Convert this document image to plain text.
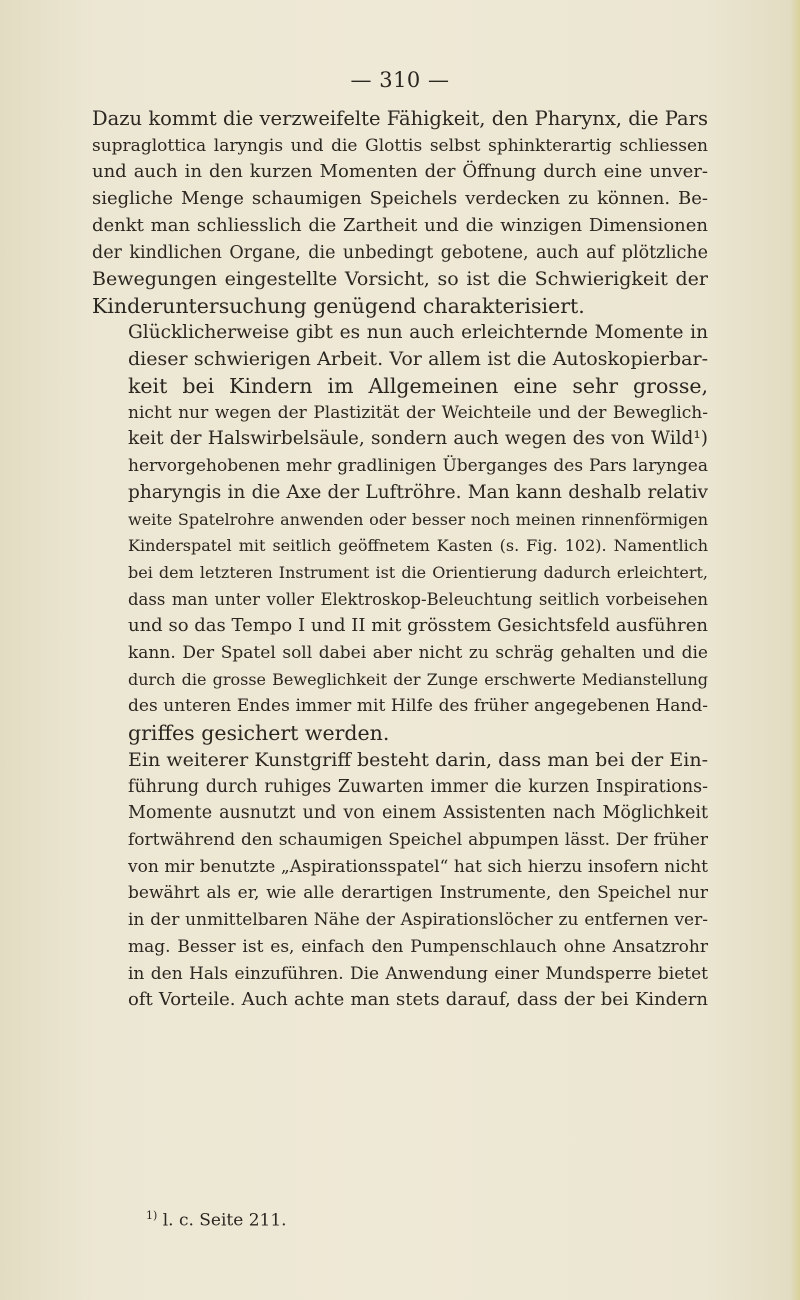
— 310 —

Dazu kommt die verzweifelte Fähigkeit, den Pharynx, die Pars
supraglottica laryngis und die Glottis selbst sphinkterartig schliessen
und auch in den kurzen Momenten der Öffnung durch eine unver-
siegliche Menge schaumigen Speichels verdecken zu können. Be-
denkt man schliesslich die Zartheit und die winzigen Dimensionen
der kindlichen Organe, die unbedingt gebotene, auch auf plötzliche
Bewegungen eingestellte Vorsicht, so ist die Schwierigkeit der
Kinderuntersuchung genügend charakterisiert.

Glücklicherweise gibt es nun auch erleichternde Momente in
dieser schwierigen Arbeit. Vor allem ist die Autoskopierbar-
keit bei Kindern im Allgemeinen eine sehr grosse,
nicht nur wegen der Plastizität der Weichteile und der Beweglich-
keit der Halswirbelsäule, sondern auch wegen des von Wild¹)
hervorgehobenen mehr gradlinigen Überganges des Pars laryngea
pharyngis in die Axe der Luftröhre. Man kann deshalb relativ
weite Spatelrohre anwenden oder besser noch meinen rinnenförmigen
Kinderspatel mit seitlich geöffnetem Kasten (s. Fig. 102). Namentlich
bei dem letzteren Instrument ist die Orientierung dadurch erleichtert,
dass man unter voller Elektroskop-Beleuchtung seitlich vorbeisehen
und so das Tempo I und II mit grösstem Gesichtsfeld ausführen
kann. Der Spatel soll dabei aber nicht zu schräg gehalten und die
durch die grosse Beweglichkeit der Zunge erschwerte Medianstellung
des unteren Endes immer mit Hilfe des früher angegebenen Hand-
griffes gesichert werden.

Ein weiterer Kunstgriff besteht darin, dass man bei der Ein-
führung durch ruhiges Zuwarten immer die kurzen Inspirations-
Momente ausnutzt und von einem Assistenten nach Möglichkeit
fortwährend den schaumigen Speichel abpumpen lässt. Der früher
von mir benutzte „Aspirationsspatel“ hat sich hierzu insofern nicht
bewährt als er, wie alle derartigen Instrumente, den Speichel nur
in der unmittelbaren Nähe der Aspirationslöcher zu entfernen ver-
mag. Besser ist es, einfach den Pumpenschlauch ohne Ansatzrohr
in den Hals einzuführen. Die Anwendung einer Mundsperre bietet
oft Vorteile. Auch achte man stets darauf, dass der bei Kindern

$^{1)}$ l. c. Seite 211.
